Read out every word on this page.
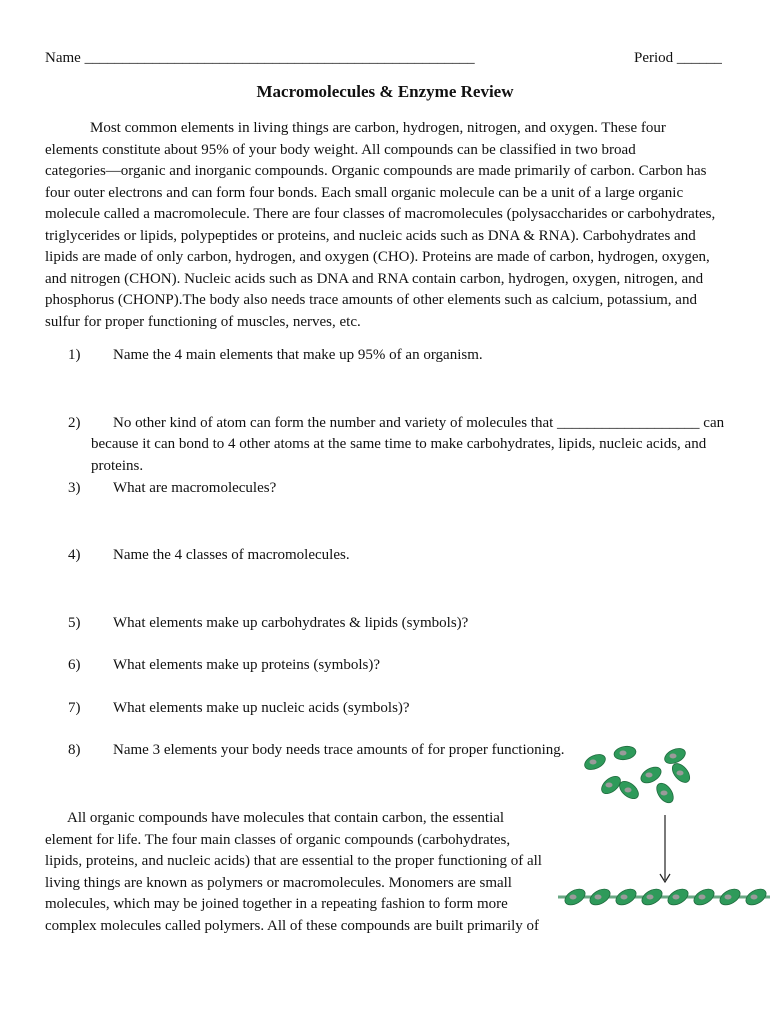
Name ____________________________________________________	Period ______
Macromolecules & Enzyme Review
Most common elements in living things are carbon, hydrogen, nitrogen, and oxygen. These four
elements constitute about 95% of your body weight. All compounds can be classified in two broad
categories—organic and inorganic compounds. Organic compounds are made primarily of carbon. Carbon has
four outer electrons and can form four bonds. Each small organic molecule can be a unit of a large organic
molecule called a macromolecule. There are four classes of macromolecules (polysaccharides or carbohydrates,
triglycerides or lipids, polypeptides or proteins, and nucleic acids such as DNA & RNA). Carbohydrates and
lipids are made of only carbon, hydrogen, and oxygen (CHO). Proteins are made of carbon, hydrogen, oxygen,
and nitrogen (CHON). Nucleic acids such as DNA and RNA contain carbon, hydrogen, oxygen, nitrogen, and
phosphorus (CHONP).The body also needs trace amounts of other elements such as calcium, potassium, and
sulfur for proper functioning of muscles, nerves, etc.
1) Name the 4 main elements that make up 95% of an organism.
2) No other kind of atom can form the number and variety of molecules that ___________________ can
because it can bond to 4 other atoms at the same time to make carbohydrates, lipids, nucleic acids, and
proteins.
3) What are macromolecules?
4) Name the 4 classes of macromolecules.
5) What elements make up carbohydrates & lipids (symbols)?
6) What elements make up proteins (symbols)?
7) What elements make up nucleic acids (symbols)?
8) Name 3 elements your body needs trace amounts of for proper functioning.
All organic compounds have molecules that contain carbon, the essential
element for life. The four main classes of organic compounds (carbohydrates,
lipids, proteins, and nucleic acids) that are essential to the proper functioning of all
living things are known as polymers or macromolecules. Monomers are small
molecules, which may be joined together in a repeating fashion to form more
complex molecules called polymers. All of these compounds are built primarily of
